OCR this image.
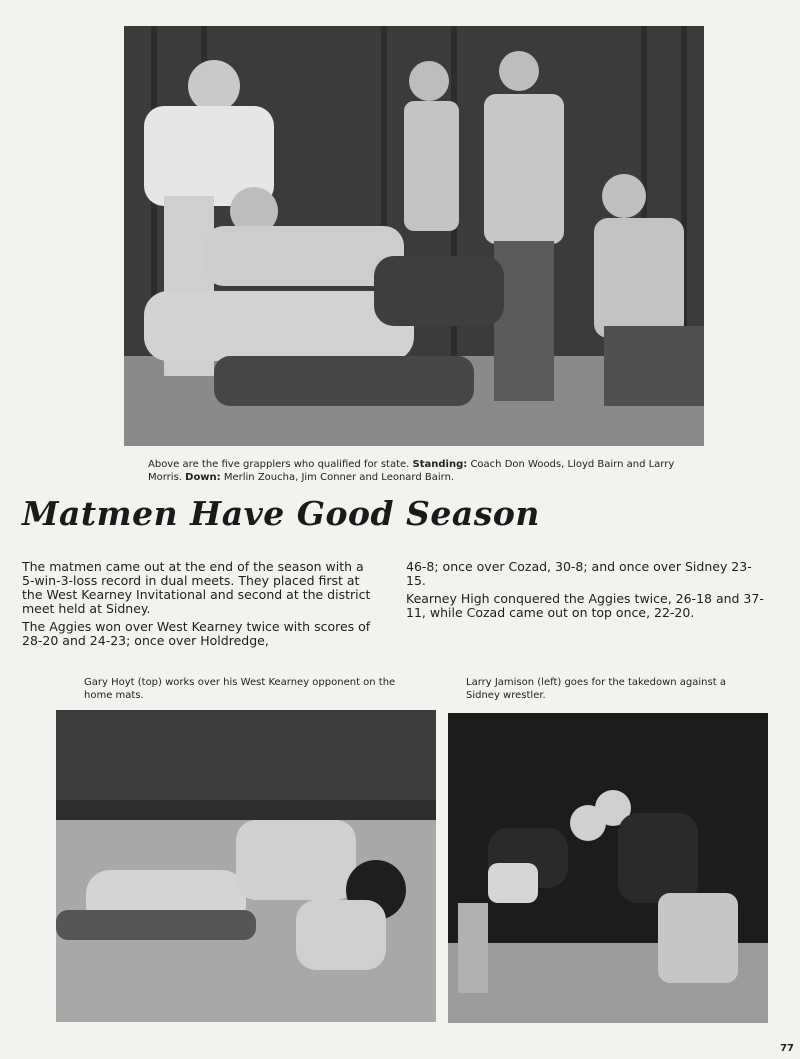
Above are the five grapplers who qualified for state. Standing: Coach Don Woods, Lloyd Bairn and Larry Morris. Down: Merlin Zoucha, Jim Conner and Leonard Bairn.
Matmen Have Good Season

The matmen came out at the end of the season with a 5-win-3-loss record in dual meets. They placed first at the West Kearney Invitational and second at the district meet held at Sidney.

The Aggies won over West Kearney twice with scores of 28-20 and 24-23; once over Holdredge,

46-8; once over Cozad, 30-8; and once over Sidney 23-15.

Kearney High conquered the Aggies twice, 26-18 and 37-11, while Cozad came out on top once, 22-20.

Gary Hoyt (top) works over his West Kearney opponent on the home mats.
Larry Jamison (left) goes for the takedown against a Sidney wrestler.
77
